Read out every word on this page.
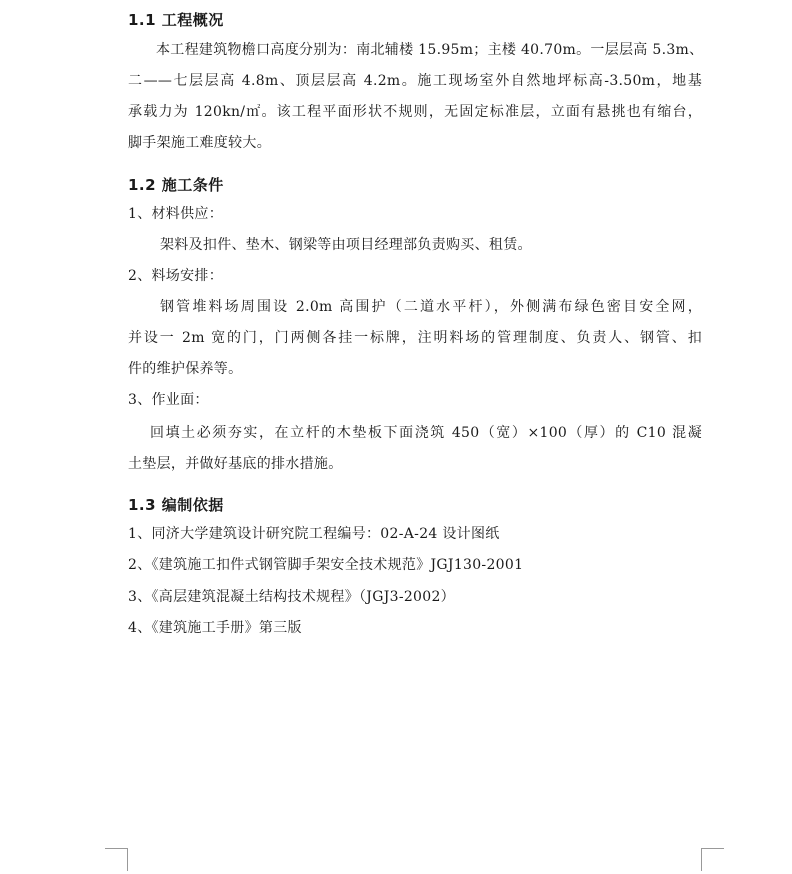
1.1 工程概况
本工程建筑物檐口高度分别为：南北辅楼 15.95m；主楼 40.70m。一层层高 5.3m、
二——七层层高 4.8m、顶层层高 4.2m。施工现场室外自然地坪标高-3.50m，地基
承载力为 120kn/㎡。该工程平面形状不规则，无固定标准层，立面有悬挑也有缩台，
脚手架施工难度较大。
1.2 施工条件
1、材料供应：
架料及扣件、垫木、钢梁等由项目经理部负责购买、租赁。
2、料场安排：
钢管堆料场周围设 2.0m 高围护（二道水平杆），外侧满布绿色密目安全网，
并设一 2m 宽的门，门两侧各挂一标牌，注明料场的管理制度、负责人、钢管、扣
件的维护保养等。
3、作业面：
回填土必须夯实，在立杆的木垫板下面浇筑 450（宽）×100（厚）的 C10 混凝
土垫层，并做好基底的排水措施。
1.3 编制依据
1、同济大学建筑设计研究院工程编号：02-A-24 设计图纸
2、《建筑施工扣件式钢管脚手架安全技术规范》JGJ130-2001
3、《高层建筑混凝土结构技术规程》（JGJ3-2002）
4、《建筑施工手册》第三版
